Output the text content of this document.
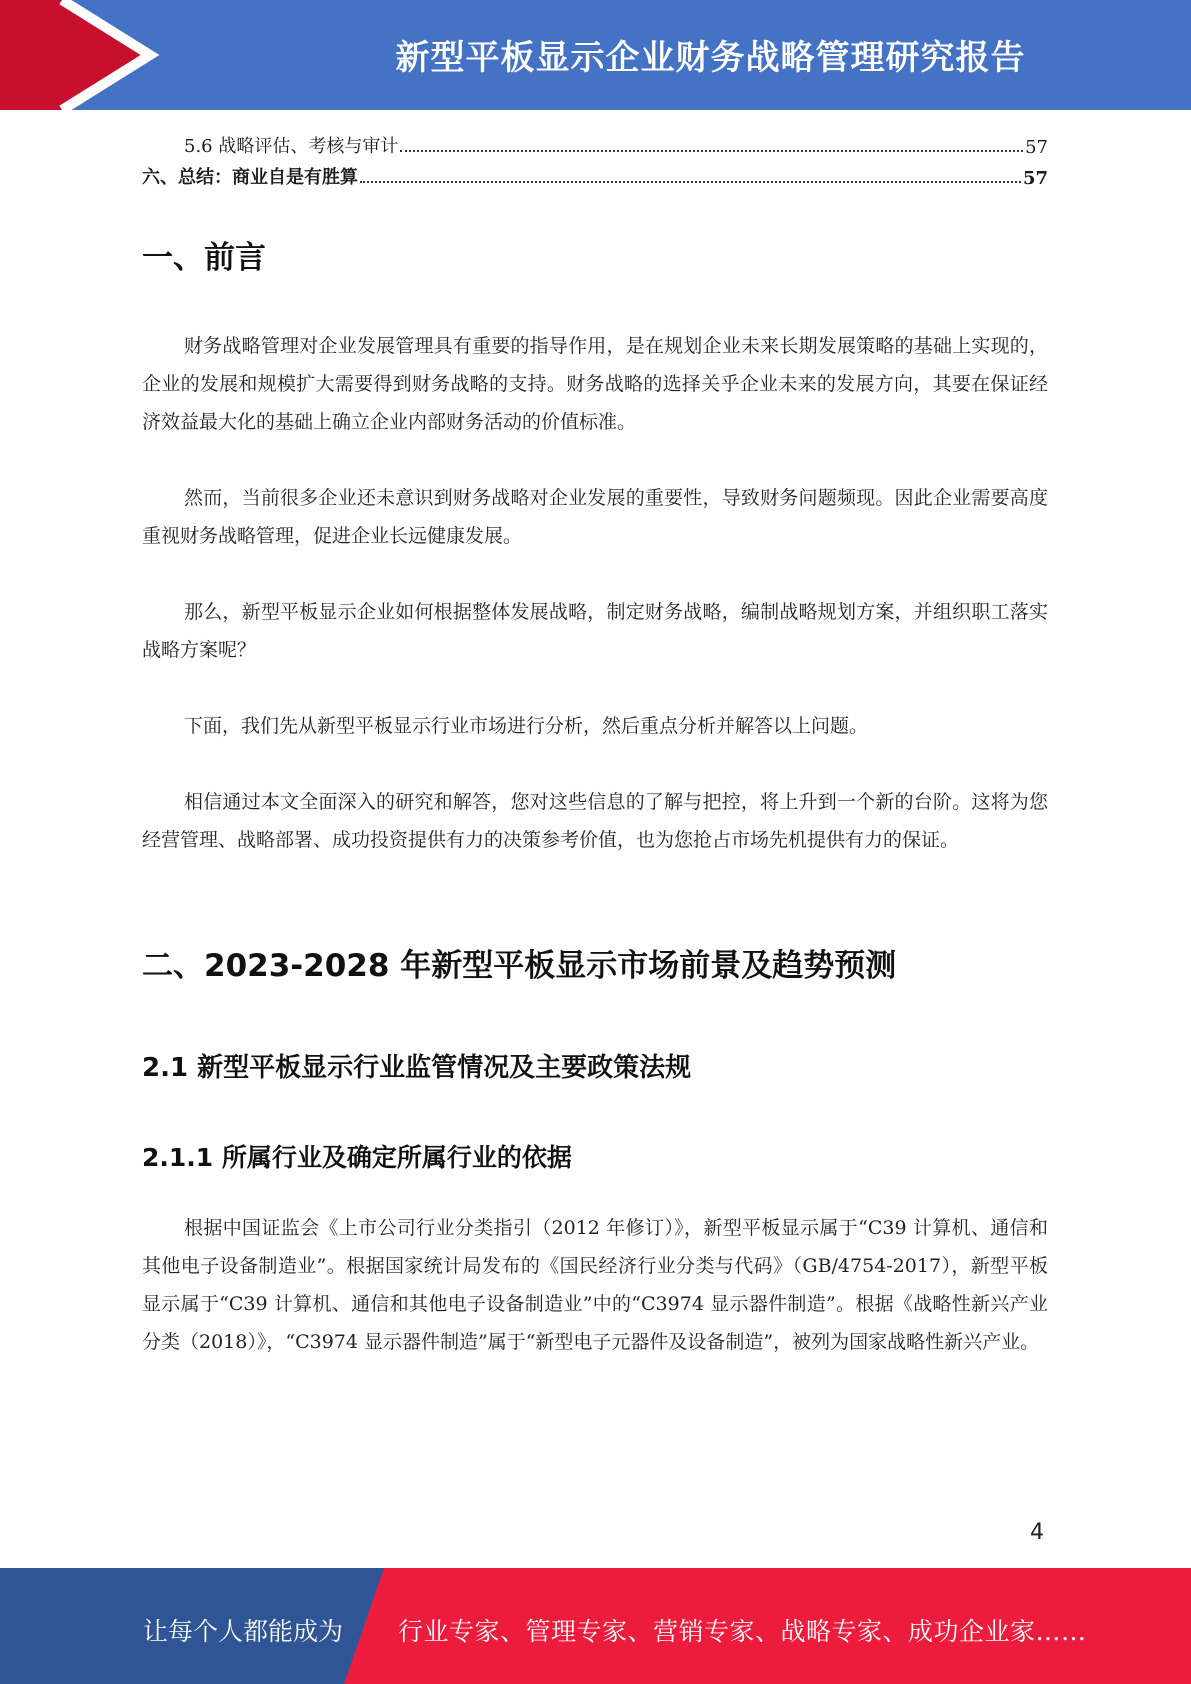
新型平板显示企业财务战略管理研究报告
5.6 战略评估、考核与审计	57
六、总结：商业自是有胜算	57
一、前言
财务战略管理对企业发展管理具有重要的指导作用，是在规划企业未来长期发展策略的基础上实现的，企业的发展和规模扩大需要得到财务战略的支持。财务战略的选择关乎企业未来的发展方向，其要在保证经济效益最大化的基础上确立企业内部财务活动的价值标准。
然而，当前很多企业还未意识到财务战略对企业发展的重要性，导致财务问题频现。因此企业需要高度重视财务战略管理，促进企业长远健康发展。
那么，新型平板显示企业如何根据整体发展战略，制定财务战略，编制战略规划方案，并组织职工落实战略方案呢？
下面，我们先从新型平板显示行业市场进行分析，然后重点分析并解答以上问题。
相信通过本文全面深入的研究和解答，您对这些信息的了解与把控，将上升到一个新的台阶。这将为您经营管理、战略部署、成功投资提供有力的决策参考价值，也为您抢占市场先机提供有力的保证。
二、2023-2028 年新型平板显示市场前景及趋势预测
2.1 新型平板显示行业监管情况及主要政策法规
2.1.1 所属行业及确定所属行业的依据
根据中国证监会《上市公司行业分类指引（2012 年修订）》，新型平板显示属于“C39 计算机、通信和其他电子设备制造业”。根据国家统计局发布的《国民经济行业分类与代码》（GB/4754-2017），新型平板显示属于“C39 计算机、通信和其他电子设备制造业”中的“C3974 显示器件制造”。根据《战略性新兴产业分类（2018）》，“C3974 显示器件制造”属于“新型电子元器件及设备制造”，被列为国家战略性新兴产业。
4
让每个人都能成为 行业专家、管理专家、营销专家、战略专家、成功企业家……
